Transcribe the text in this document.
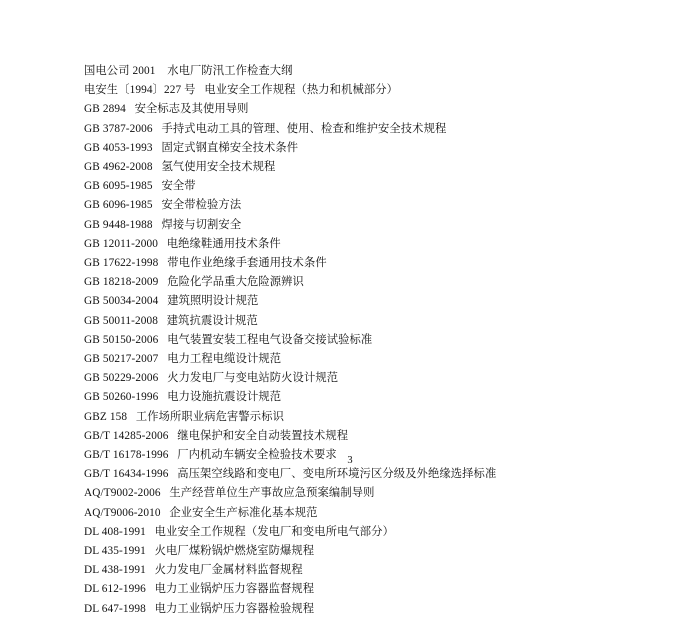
国电公司 2001    水电厂防汛工作检查大纲
电安生〔1994〕227 号   电业安全工作规程（热力和机械部分）
GB 2894   安全标志及其使用导则
GB 3787-2006   手持式电动工具的管理、使用、检查和维护安全技术规程
GB 4053-1993   固定式钢直梯安全技术条件
GB 4962-2008   氢气使用安全技术规程
GB 6095-1985   安全带
GB 6096-1985   安全带检验方法
GB 9448-1988   焊接与切割安全
GB 12011-2000   电绝缘鞋通用技术条件
GB 17622-1998   带电作业绝缘手套通用技术条件
GB 18218-2009   危险化学品重大危险源辨识
GB 50034-2004   建筑照明设计规范
GB 50011-2008   建筑抗震设计规范
GB 50150-2006   电气装置安装工程电气设备交接试验标准
GB 50217-2007   电力工程电缆设计规范
GB 50229-2006   火力发电厂与变电站防火设计规范
GB 50260-1996   电力设施抗震设计规范
GBZ 158   工作场所职业病危害警示标识
GB/T 14285-2006   继电保护和安全自动装置技术规程
GB/T 16178-1996   厂内机动车辆安全检验技术要求
GB/T 16434-1996   高压架空线路和变电厂、变电所环境污区分级及外绝缘选择标准
AQ/T9002-2006   生产经营单位生产事故应急预案编制导则
AQ/T9006-2010   企业安全生产标准化基本规范
DL 408-1991   电业安全工作规程（发电厂和变电所电气部分）
DL 435-1991   火电厂煤粉锅炉燃烧室防爆规程
DL 438-1991   火力发电厂金属材料监督规程
DL 612-1996   电力工业锅炉压力容器监督规程
DL 647-1998   电力工业锅炉压力容器检验规程
3
